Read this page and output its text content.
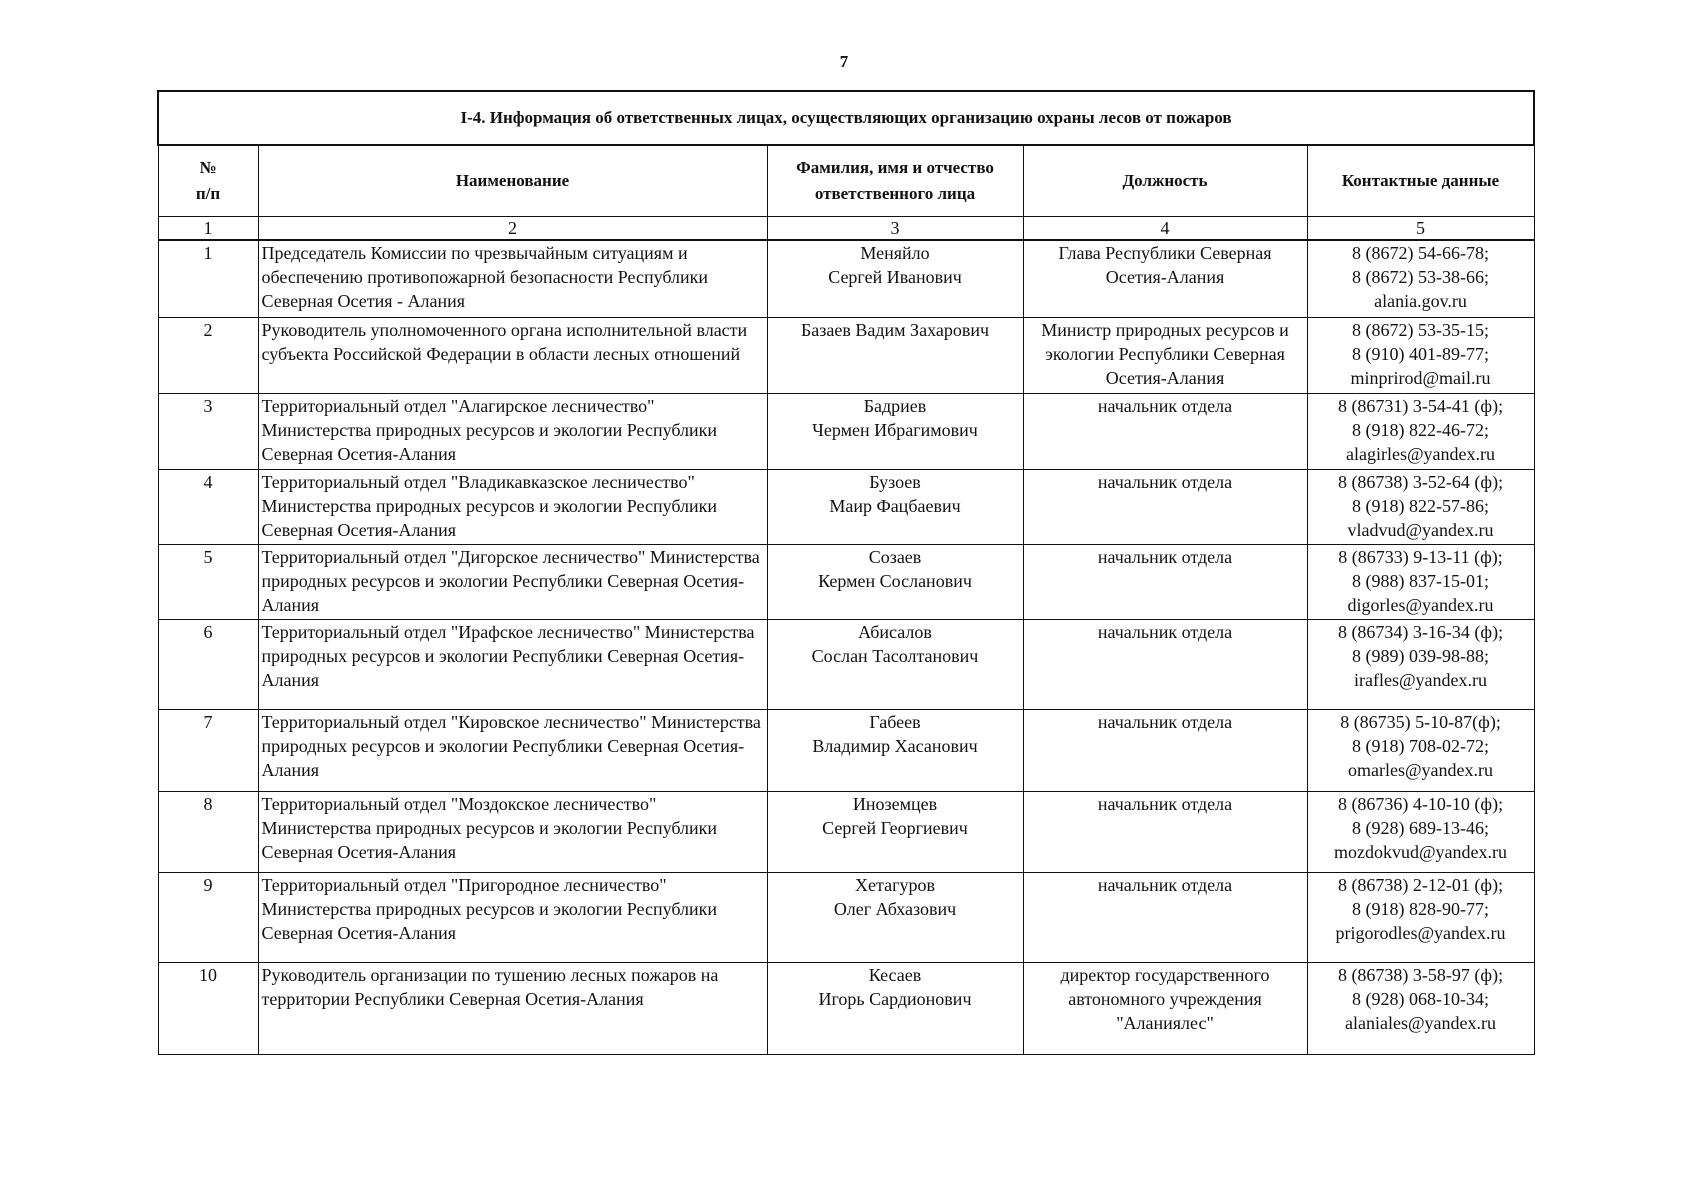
7
I-4. Информация об ответственных лицах, осуществляющих организацию охраны лесов от пожаров				
№
п/п	Наименование	Фамилия, имя и отчество
ответственного лица	Должность	Контактные данные
1	2	3	4	5
1	Председатель Комиссии по чрезвычайным ситуациям и обеспечению противопожарной безопасности Республики Северная Осетия - Алания	Меняйло
Сергей Иванович	Глава Республики Северная Осетия-Алания	8 (8672) 54-66-78;
8 (8672) 53-38-66;
alania.gov.ru

2	Руководитель уполномоченного органа исполнительной власти субъекта Российской Федерации в области лесных отношений	Базаев Вадим Захарович	Министр природных ресурсов и экологии Республики Северная Осетия-Алания	8 (8672) 53-35-15;
8 (910) 401-89-77;
minprirod@mail.ru

3	Территориальный отдел "Алагирское лесничество" Министерства природных ресурсов и экологии Республики Северная Осетия-Алания	Бадриев
Чермен Ибрагимович	начальник отдела	8 (86731) 3-54-41 (ф);
8 (918) 822-46-72;
alagirles@yandex.ru

4	Территориальный отдел "Владикавказское лесничество" Министерства природных ресурсов и экологии Республики Северная Осетия-Алания	Бузоев
Маир Фацбаевич	начальник отдела	8 (86738) 3-52-64 (ф);
8 (918) 822-57-86;
vladvud@yandex.ru

5	Территориальный отдел "Дигорское лесничество" Министерства природных ресурсов и экологии Республики Северная Осетия-Алания	Созаев
Кермен Сосланович	начальник отдела	8 (86733) 9-13-11 (ф);
8 (988) 837-15-01;
digorles@yandex.ru

6	Территориальный отдел "Ирафское лесничество" Министерства природных ресурсов и экологии Республики Северная Осетия-Алания	Абисалов
Сослан Тасолтанович	начальник отдела	8 (86734) 3-16-34 (ф);
8 (989) 039-98-88;
irafles@yandex.ru

7	Территориальный отдел "Кировское лесничество" Министерства природных ресурсов и экологии Республики Северная Осетия-Алания	Габеев
Владимир Хасанович	начальник отдела	8 (86735) 5-10-87(ф);
8 (918) 708-02-72;
omarles@yandex.ru

8	Территориальный отдел "Моздокское лесничество" Министерства природных ресурсов и экологии Республики Северная Осетия-Алания	Иноземцев
Сергей Георгиевич	начальник отдела	8 (86736) 4-10-10 (ф);
8 (928) 689-13-46;
mozdokvud@yandex.ru

9	Территориальный отдел "Пригородное лесничество" Министерства природных ресурсов и экологии Республики Северная Осетия-Алания	Хетагуров
Олег Абхазович	начальник отдела	8 (86738) 2-12-01 (ф);
8 (918) 828-90-77;
prigorodles@yandex.ru

10	Руководитель организации по тушению лесных пожаров на территории Республики Северная Осетия-Алания	Кесаев
Игорь Сардионович	директор государственного автономного учреждения "Аланиялес"	8 (86738) 3-58-97 (ф);
8 (928) 068-10-34;
alaniales@yandex.ru
